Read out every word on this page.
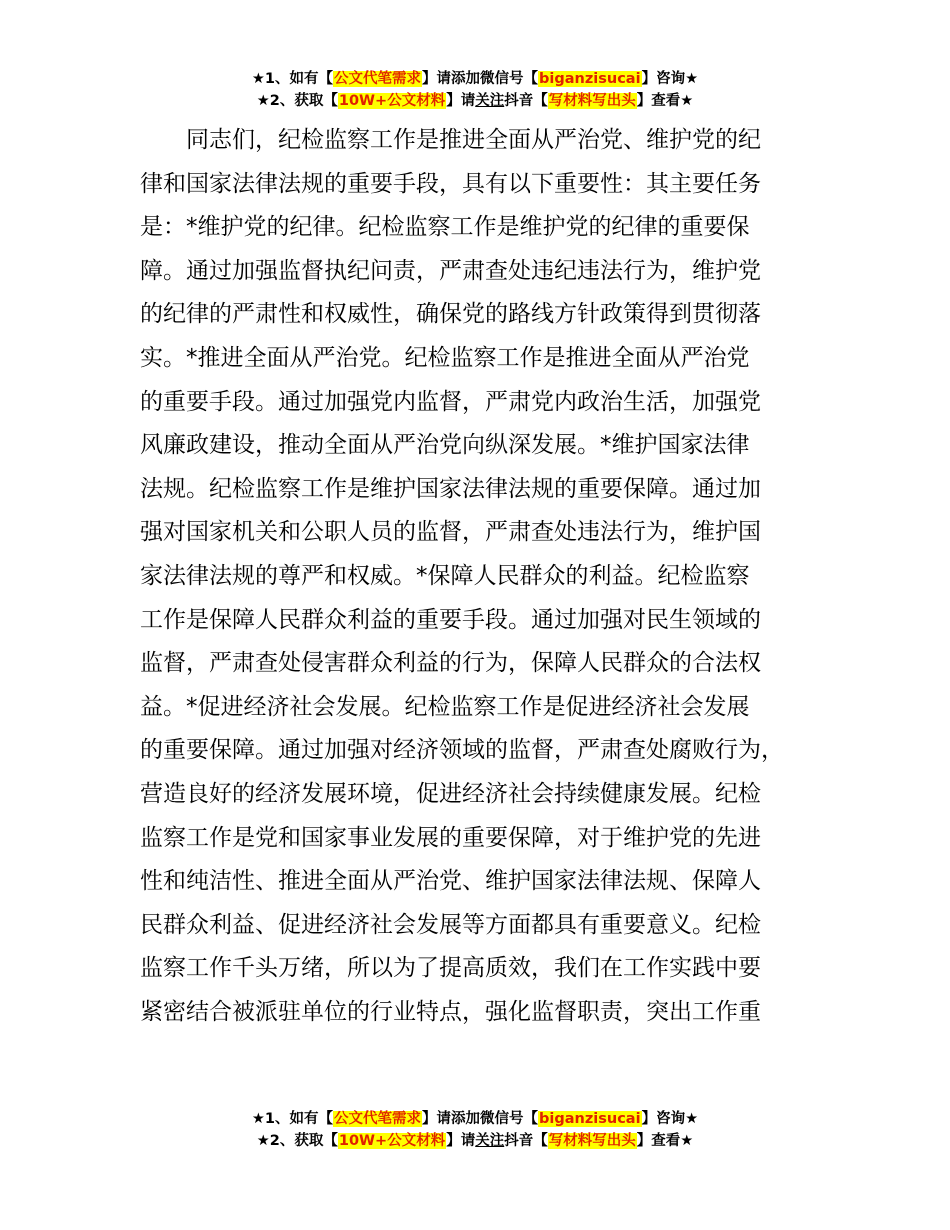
★1、如有【公文代笔需求】请添加微信号【biganzisucai】咨询★
★2、获取【10W+公文材料】请关注抖音【写材料写出头】查看★
　　同志们，纪检监察工作是推进全面从严治党、维护党的纪
律和国家法律法规的重要手段，具有以下重要性：其主要任务
是：*维护党的纪律。纪检监察工作是维护党的纪律的重要保
障。通过加强监督执纪问责，严肃查处违纪违法行为，维护党
的纪律的严肃性和权威性，确保党的路线方针政策得到贯彻落
实。*推进全面从严治党。纪检监察工作是推进全面从严治党
的重要手段。通过加强党内监督，严肃党内政治生活，加强党
风廉政建设，推动全面从严治党向纵深发展。*维护国家法律
法规。纪检监察工作是维护国家法律法规的重要保障。通过加
强对国家机关和公职人员的监督，严肃查处违法行为，维护国
家法律法规的尊严和权威。*保障人民群众的利益。纪检监察
工作是保障人民群众利益的重要手段。通过加强对民生领域的
监督，严肃查处侵害群众利益的行为，保障人民群众的合法权
益。*促进经济社会发展。纪检监察工作是促进经济社会发展
的重要保障。通过加强对经济领域的监督，严肃查处腐败行为，
营造良好的经济发展环境，促进经济社会持续健康发展。纪检
监察工作是党和国家事业发展的重要保障，对于维护党的先进
性和纯洁性、推进全面从严治党、维护国家法律法规、保障人
民群众利益、促进经济社会发展等方面都具有重要意义。纪检
监察工作千头万绪，所以为了提高质效，我们在工作实践中要
紧密结合被派驻单位的行业特点，强化监督职责，突出工作重
★1、如有【公文代笔需求】请添加微信号【biganzisucai】咨询★
★2、获取【10W+公文材料】请关注抖音【写材料写出头】查看★
